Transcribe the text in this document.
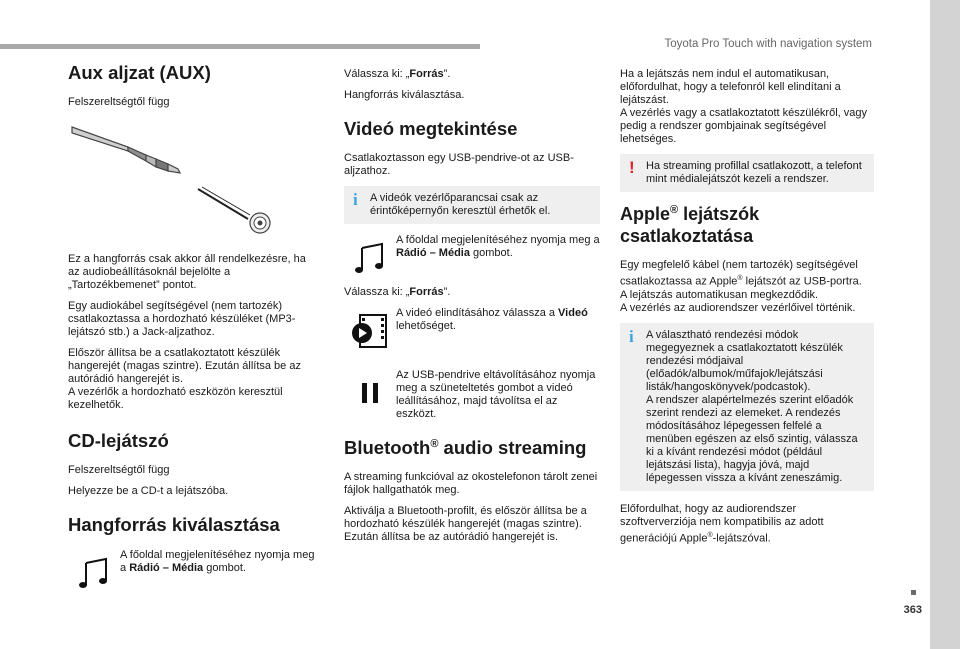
Toyota Pro Touch with navigation system
363
Aux aljzat (AUX)

Felszereltségtől függ

Ez a hangforrás csak akkor áll rendelkezésre, ha az audiobeállításoknál bejelölte a „Tartozékbemenet” pontot.

Egy audiokábel segítségével (nem tartozék) csatlakoztassa a hordozható készüléket (MP3-lejátszó stb.) a Jack-aljzathoz.

Először állítsa be a csatlakoztatott készülék hangerejét (magas szintre). Ezután állítsa be az autórádió hangerejét is.
A vezérlők a hordozható eszközön keresztül kezelhetők.

CD-lejátszó

Felszereltségtől függ

Helyezze be a CD-t a lejátszóba.

Hangforrás kiválasztása

A főoldal megjelenítéséhez nyomja meg a Rádió – Média gombot.

Válassza ki: „Forrás”.

Hangforrás kiválasztása.

Videó megtekintése

Csatlakoztasson egy USB-pendrive-ot az USB-aljzathoz.

i A videók vezérlőparancsai csak az érintőképernyőn keresztül érhetők el.

A főoldal megjelenítéséhez nyomja meg a Rádió – Média gombot.

Válassza ki: „Forrás”.

A videó elindításához válassza a Videó lehetőséget.

Az USB-pendrive eltávolításához nyomja meg a szüneteltetés gombot a videó leállításához, majd távolítsa el az eszközt.

Bluetooth® audio streaming

A streaming funkcióval az okostelefonon tárolt zenei fájlok hallgathatók meg.

Aktiválja a Bluetooth-profilt, és először állítsa be a hordozható készülék hangerejét (magas szintre).
Ezután állítsa be az autórádió hangerejét is.

Ha a lejátszás nem indul el automatikusan, előfordulhat, hogy a telefonról kell elindítani a lejátszást.
A vezérlés vagy a csatlakoztatott készülékről, vagy pedig a rendszer gombjainak segítségével lehetséges.

! Ha streaming profillal csatlakozott, a telefont mint médialejátszót kezeli a rendszer.

Apple® lejátszók csatlakoztatása

Egy megfelelő kábel (nem tartozék) segítségével csatlakoztassa az Apple® lejátszót az USB-portra.
A lejátszás automatikusan megkezdődik.
A vezérlés az audiorendszer vezérlőivel történik.

i A választható rendezési módok megegyeznek a csatlakoztatott készülék rendezési módjaival (előadók/albumok/műfajok/lejátszási listák/hangoskönyvek/podcastok).
A rendszer alapértelmezés szerint előadók szerint rendezi az elemeket. A rendezés módosításához lépegessen felfelé a menüben egészen az első szintig, válassza ki a kívánt rendezési módot (például lejátszási lista), hagyja jóvá, majd lépegessen vissza a kívánt zeneszámig.

Előfordulhat, hogy az audiorendszer szoftververziója nem kompatibilis az adott generációjú Apple®-lejátszóval.
